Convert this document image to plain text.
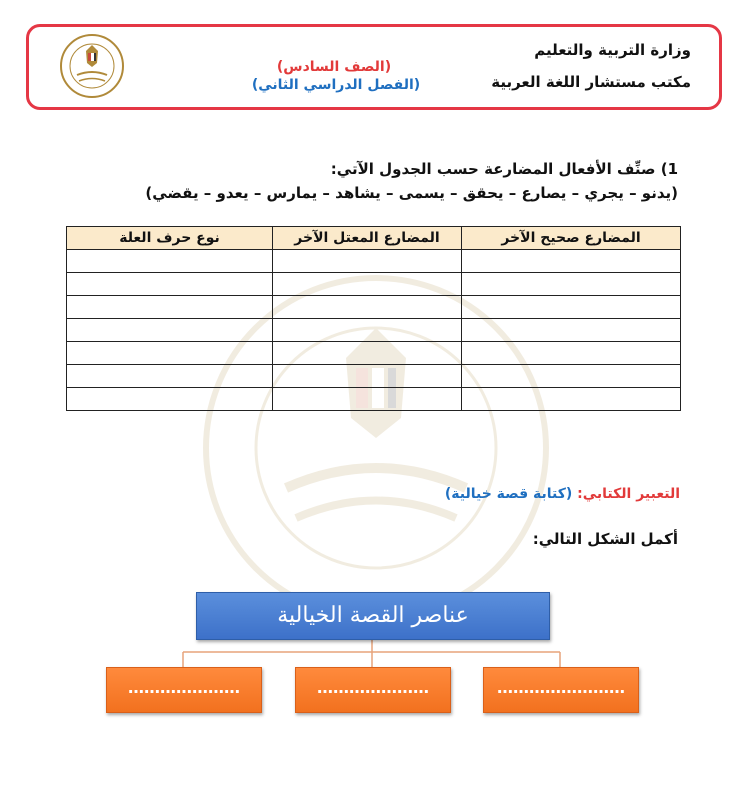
وزارة التربية والتعليم
مكتب مستشار اللغة العربية
(الصف السادس)
(الفصل الدراسي الثاني)
1) صنِّف الأفعال المضارعة حسب الجدول الآتي:
(يدنو – يجري – يصارع – يحقق – يسمى – يشاهد – يمارس – يعدو – يقضي)
المضارع صحيح الآخر	المضارع المعتل الآخر	نوع حرف العلة

التعبير الكتابي: (كتابة قصة خيالية)
أكمل الشكل التالي:
عناصر القصة الخيالية
…………………	…………………	……………………
